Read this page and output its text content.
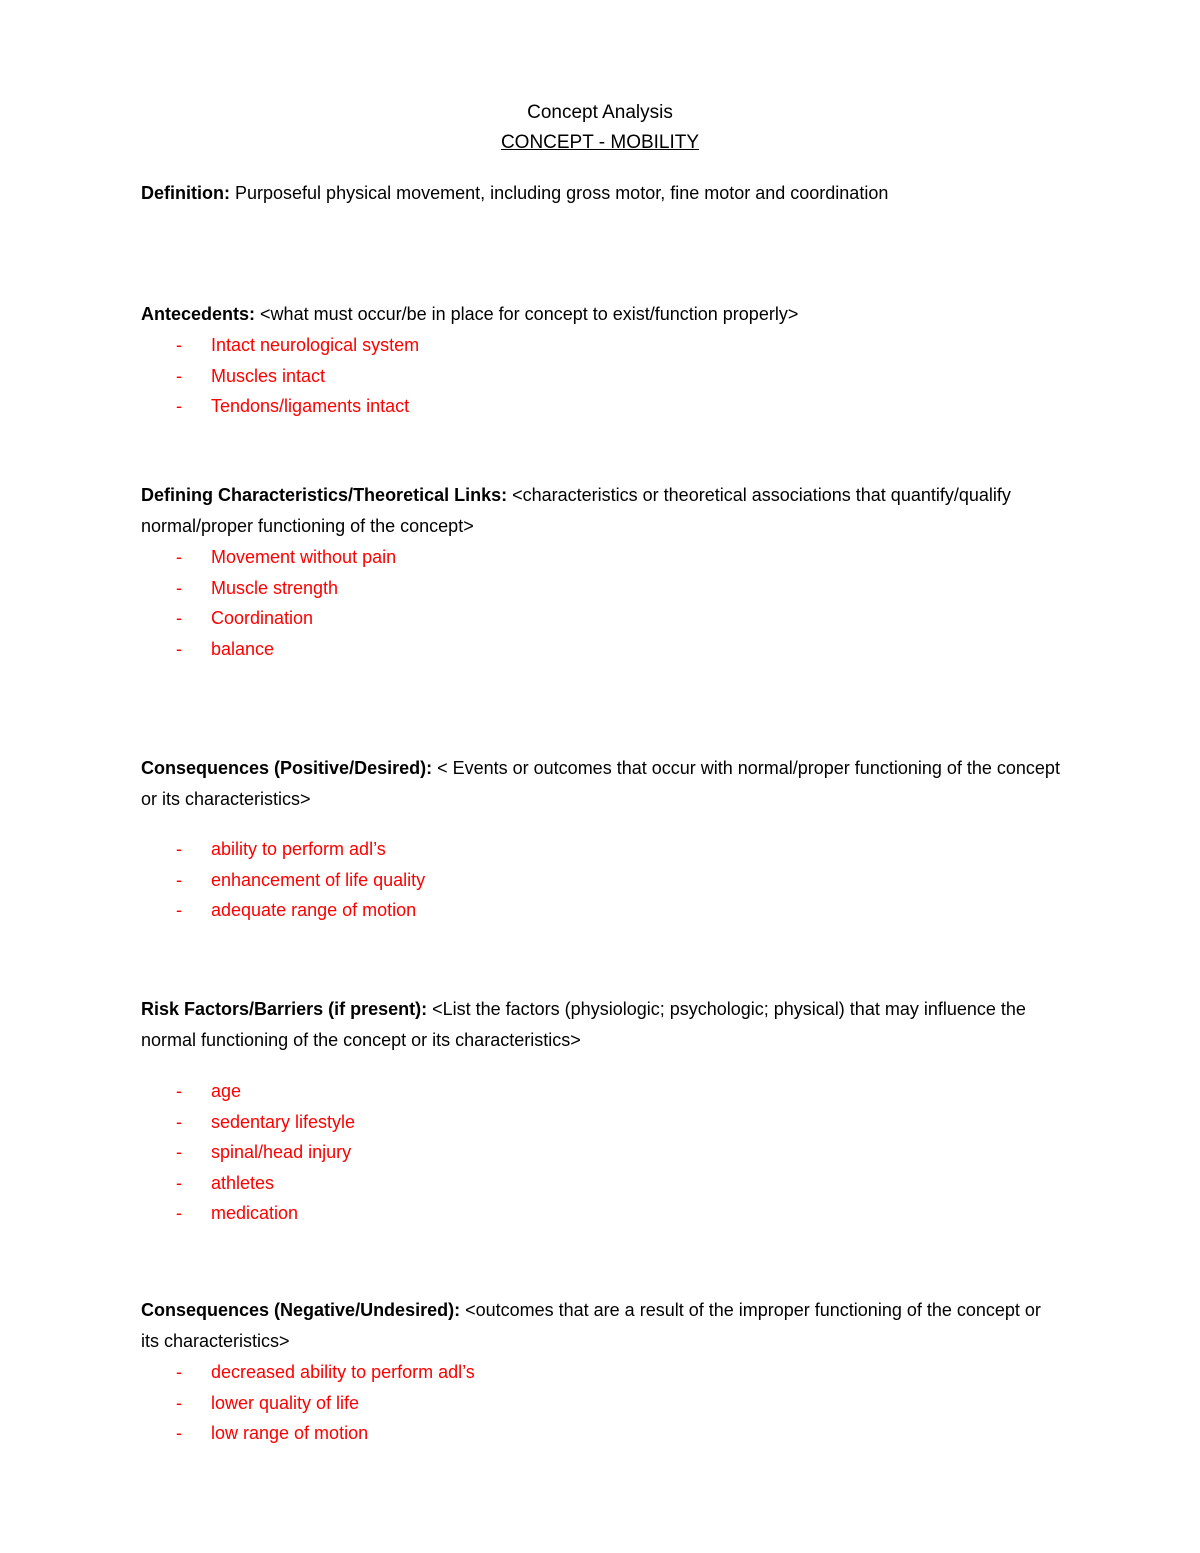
Concept Analysis
CONCEPT - MOBILITY
Definition: Purposeful physical movement, including gross motor, fine motor and coordination
Antecedents: <what must occur/be in place for concept to exist/function properly>
- Intact neurological system
- Muscles intact
- Tendons/ligaments intact
Defining Characteristics/Theoretical Links: <characteristics or theoretical associations that quantify/qualify normal/proper functioning of the concept>
- Movement without pain
- Muscle strength
- Coordination
- balance
Consequences (Positive/Desired): < Events or outcomes that occur with normal/proper functioning of the concept or its characteristics>
- ability to perform adl’s
- enhancement of life quality
- adequate range of motion
Risk Factors/Barriers (if present): <List the factors (physiologic; psychologic; physical) that may influence the normal functioning of the concept or its characteristics>
- age
- sedentary lifestyle
- spinal/head injury
- athletes
- medication
Consequences (Negative/Undesired): <outcomes that are a result of the improper functioning of the concept or its characteristics>
- decreased ability to perform adl’s
- lower quality of life
- low range of motion
